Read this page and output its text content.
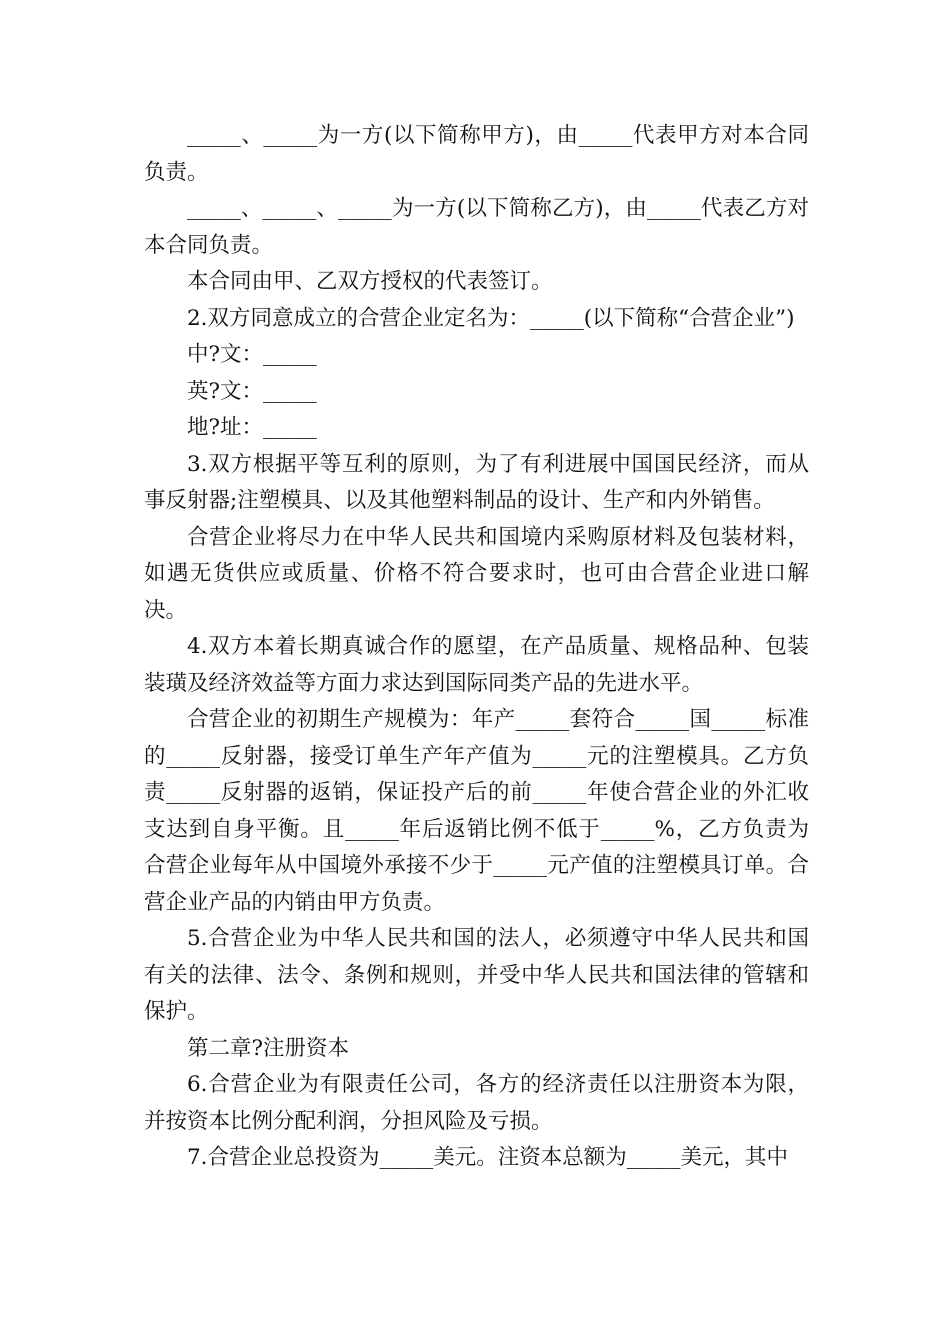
_____、_____为一方(以下简称甲方)，由_____代表甲方对本合同负责。

_____、_____、_____为一方(以下简称乙方)，由_____代表乙方对本合同负责。

本合同由甲、乙双方授权的代表签订。

2.双方同意成立的合营企业定名为：_____(以下简称“合营企业”)

中?文：_____

英?文：_____

地?址：_____

3.双方根据平等互利的原则，为了有利进展中国国民经济，而从事反射器;注塑模具、以及其他塑料制品的设计、生产和内外销售。

合营企业将尽力在中华人民共和国境内采购原材料及包装材料，如遇无货供应或质量、价格不符合要求时，也可由合营企业进口解决。

4.双方本着长期真诚合作的愿望，在产品质量、规格品种、包装装璜及经济效益等方面力求达到国际同类产品的先进水平。

合营企业的初期生产规模为：年产_____套符合_____国_____标准的_____反射器，接受订单生产年产值为_____元的注塑模具。乙方负责_____反射器的返销，保证投产后的前_____年使合营企业的外汇收支达到自身平衡。且_____年后返销比例不低于_____%，乙方负责为合营企业每年从中国境外承接不少于_____元产值的注塑模具订单。合营企业产品的内销由甲方负责。

5.合营企业为中华人民共和国的法人，必须遵守中华人民共和国有关的法律、法令、条例和规则，并受中华人民共和国法律的管辖和保护。

第二章?注册资本

6.合营企业为有限责任公司，各方的经济责任以注册资本为限，并按资本比例分配利润，分担风险及亏损。

7.合营企业总投资为_____美元。注资本总额为_____美元，其中
